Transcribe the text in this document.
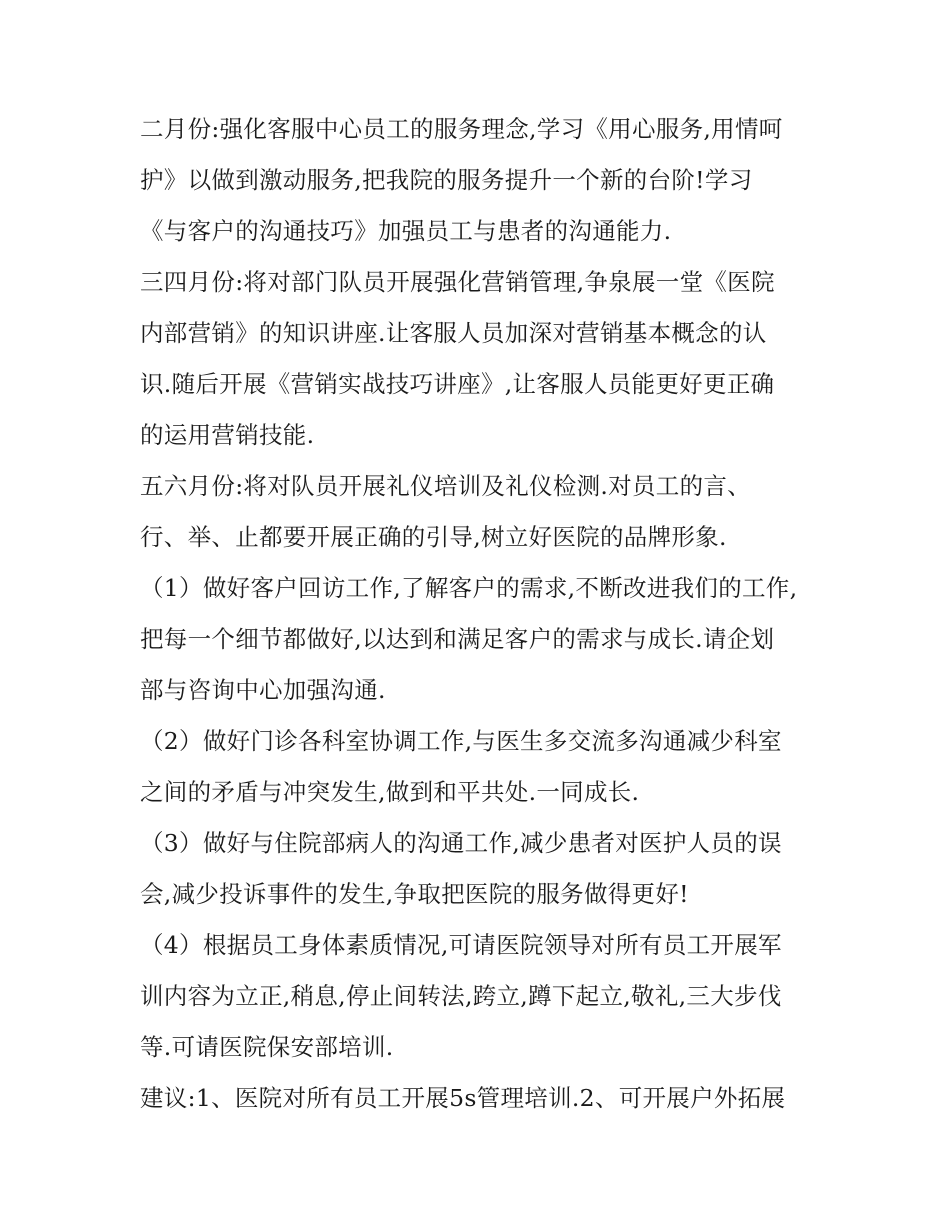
二月份:强化客服中心员工的服务理念,学习《用心服务,用情呵
护》以做到激动服务,把我院的服务提升一个新的台阶!学习
《与客户的沟通技巧》加强员工与患者的沟通能力.
三四月份:将对部门队员开展强化营销管理,争泉展一堂《医院
内部营销》的知识讲座.让客服人员加深对营销基本概念的认
识.随后开展《营销实战技巧讲座》,让客服人员能更好更正确
的运用营销技能.
五六月份:将对队员开展礼仪培训及礼仪检测.对员工的言、
行、举、止都要开展正确的引导,树立好医院的品牌形象.
（1）做好客户回访工作,了解客户的需求,不断改进我们的工作,
把每一个细节都做好,以达到和满足客户的需求与成长.请企划
部与咨询中心加强沟通.
（2）做好门诊各科室协调工作,与医生多交流多沟通减少科室
之间的矛盾与冲突发生,做到和平共处.一同成长.
（3）做好与住院部病人的沟通工作,减少患者对医护人员的误
会,减少投诉事件的发生,争取把医院的服务做得更好!
（4）根据员工身体素质情况,可请医院领导对所有员工开展军
训内容为立正,稍息,停止间转法,跨立,蹲下起立,敬礼,三大步伐
等.可请医院保安部培训.
建议:1、医院对所有员工开展5s管理培训.2、可开展户外拓展
